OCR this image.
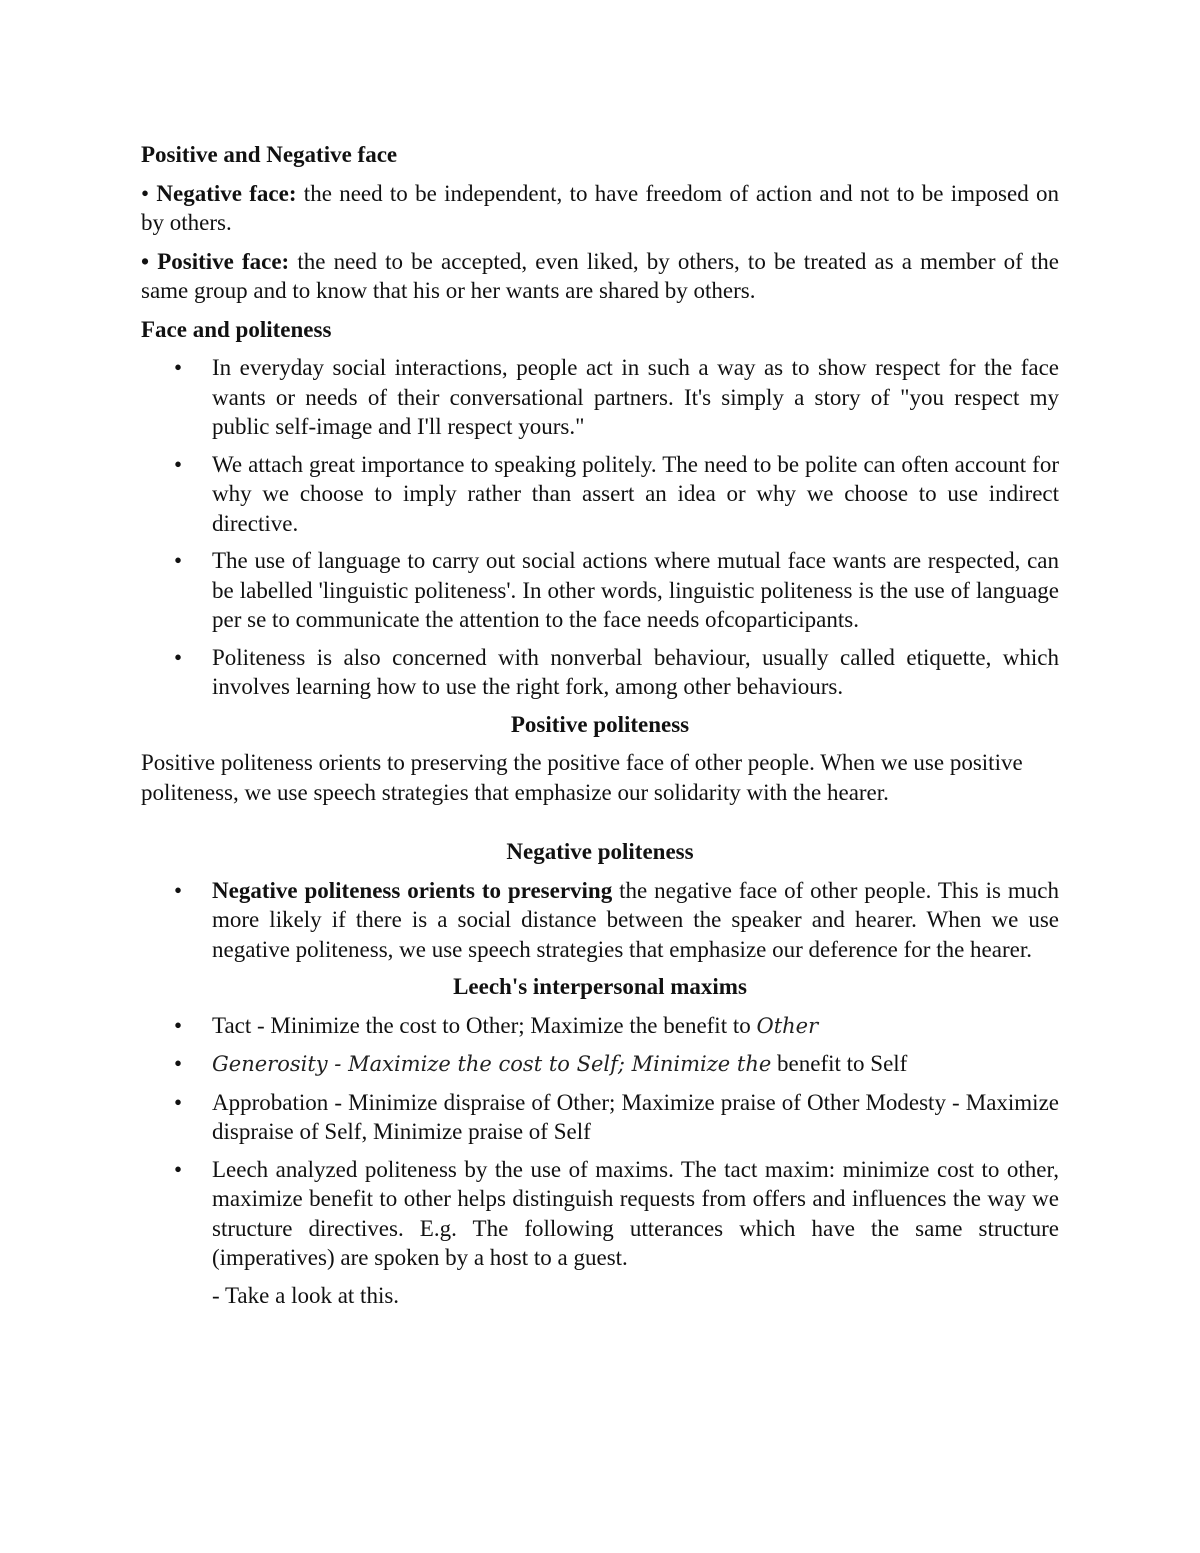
Positive and Negative face

• Negative face: the need to be independent, to have freedom of action and not to be imposed on by others.

• Positive face: the need to be accepted, even liked, by others, to be treated as a member of the same group and to know that his or her wants are shared by others.

Face and politeness

• In everyday social interactions, people act in such a way as to show respect for the face wants or needs of their conversational partners. It's simply a story of "you respect my public self-image and I'll respect yours."
• We attach great importance to speaking politely. The need to be polite can often account for why we choose to imply rather than assert an idea or why we choose to use indirect directive.
• The use of language to carry out social actions where mutual face wants are respected, can be labelled 'linguistic politeness'. In other words, linguistic politeness is the use of language per se to communicate the attention to the face needs ofcoparticipants.
• Politeness is also concerned with nonverbal behaviour, usually called etiquette, which involves learning how to use the right fork, among other behaviours.

Positive politeness

Positive politeness orients to preserving the positive face of other people. When we use positive politeness, we use speech strategies that emphasize our solidarity with the hearer.

Negative politeness

• Negative politeness orients to preserving the negative face of other people. This is much more likely if there is a social distance between the speaker and hearer. When we use negative politeness, we use speech strategies that emphasize our deference for the hearer.

Leech's interpersonal maxims

• Tact - Minimize the cost to Other; Maximize the benefit to Other
• Generosity - Maximize the cost to Self; Minimize the benefit to Self
• Approbation - Minimize dispraise of Other; Maximize praise of Other Modesty - Maximize dispraise of Self, Minimize praise of Self
• Leech analyzed politeness by the use of maxims. The tact maxim: minimize cost to other, maximize benefit to other helps distinguish requests from offers and influences the way we structure directives. E.g. The following utterances which have the same structure (imperatives) are spoken by a host to a guest.

- Take a look at this.
